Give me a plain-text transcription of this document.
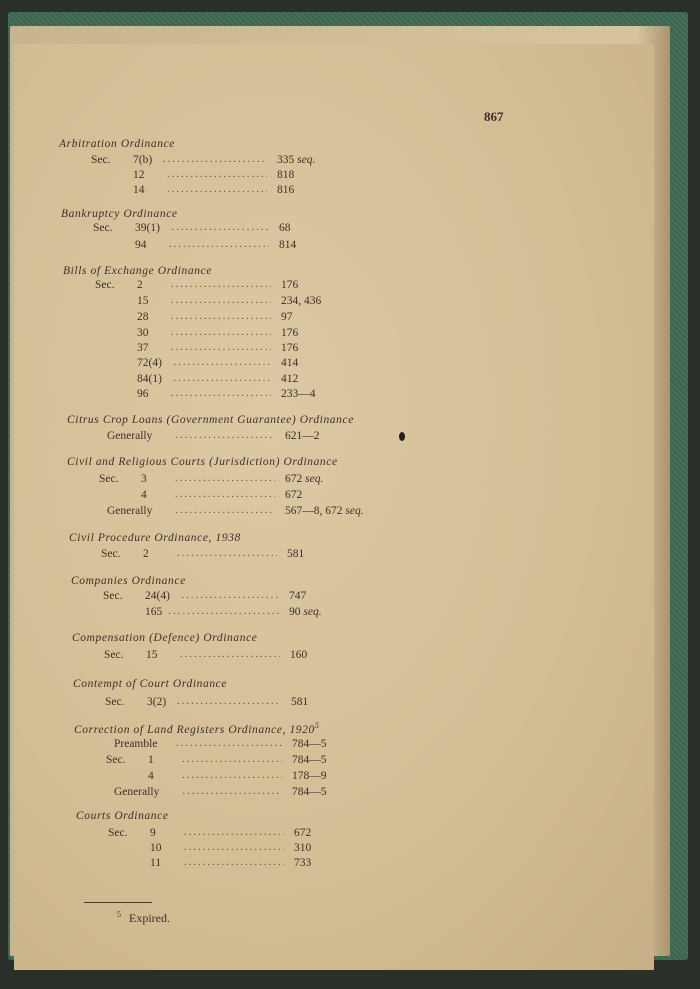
867
Arbitration Ordinance
Sec. 7(b) .....	335 seq.
12 .....	818
14 .....	816
Bankruptcy Ordinance
Sec. 39(1) .....	68
94 .....	814
Bills of Exchange Ordinance
Sec. 2 .....	176
15 .....	234, 436
28 .....	97
30 .....	176
37 .....	176
72(4) .....	414
84(1) .....	412
96 .....	233—4
Citrus Crop Loans (Government Guarantee) Ordinance
Generally .....	621—2
Civil and Religious Courts (Jurisdiction) Ordinance
Sec. 3 .....	672 seq.
4 .....	672
Generally .....	567—8, 672 seq.
Civil Procedure Ordinance, 1938
Sec. 2 .....	581
Companies Ordinance
Sec. 24(4) .....	747
165 .....	90 seq.
Compensation (Defence) Ordinance
Sec. 15 .....	160
Contempt of Court Ordinance
Sec. 3(2) .....	581
Correction of Land Registers Ordinance, 1920$^5$
Preamble .....	784—5
Sec. 1 .....	784—5
4 .....	178—9
Generally .....	784—5
Courts Ordinance
Sec. 9 .....	672
10 .....	310
11 .....	733
$^5$ Expired.
